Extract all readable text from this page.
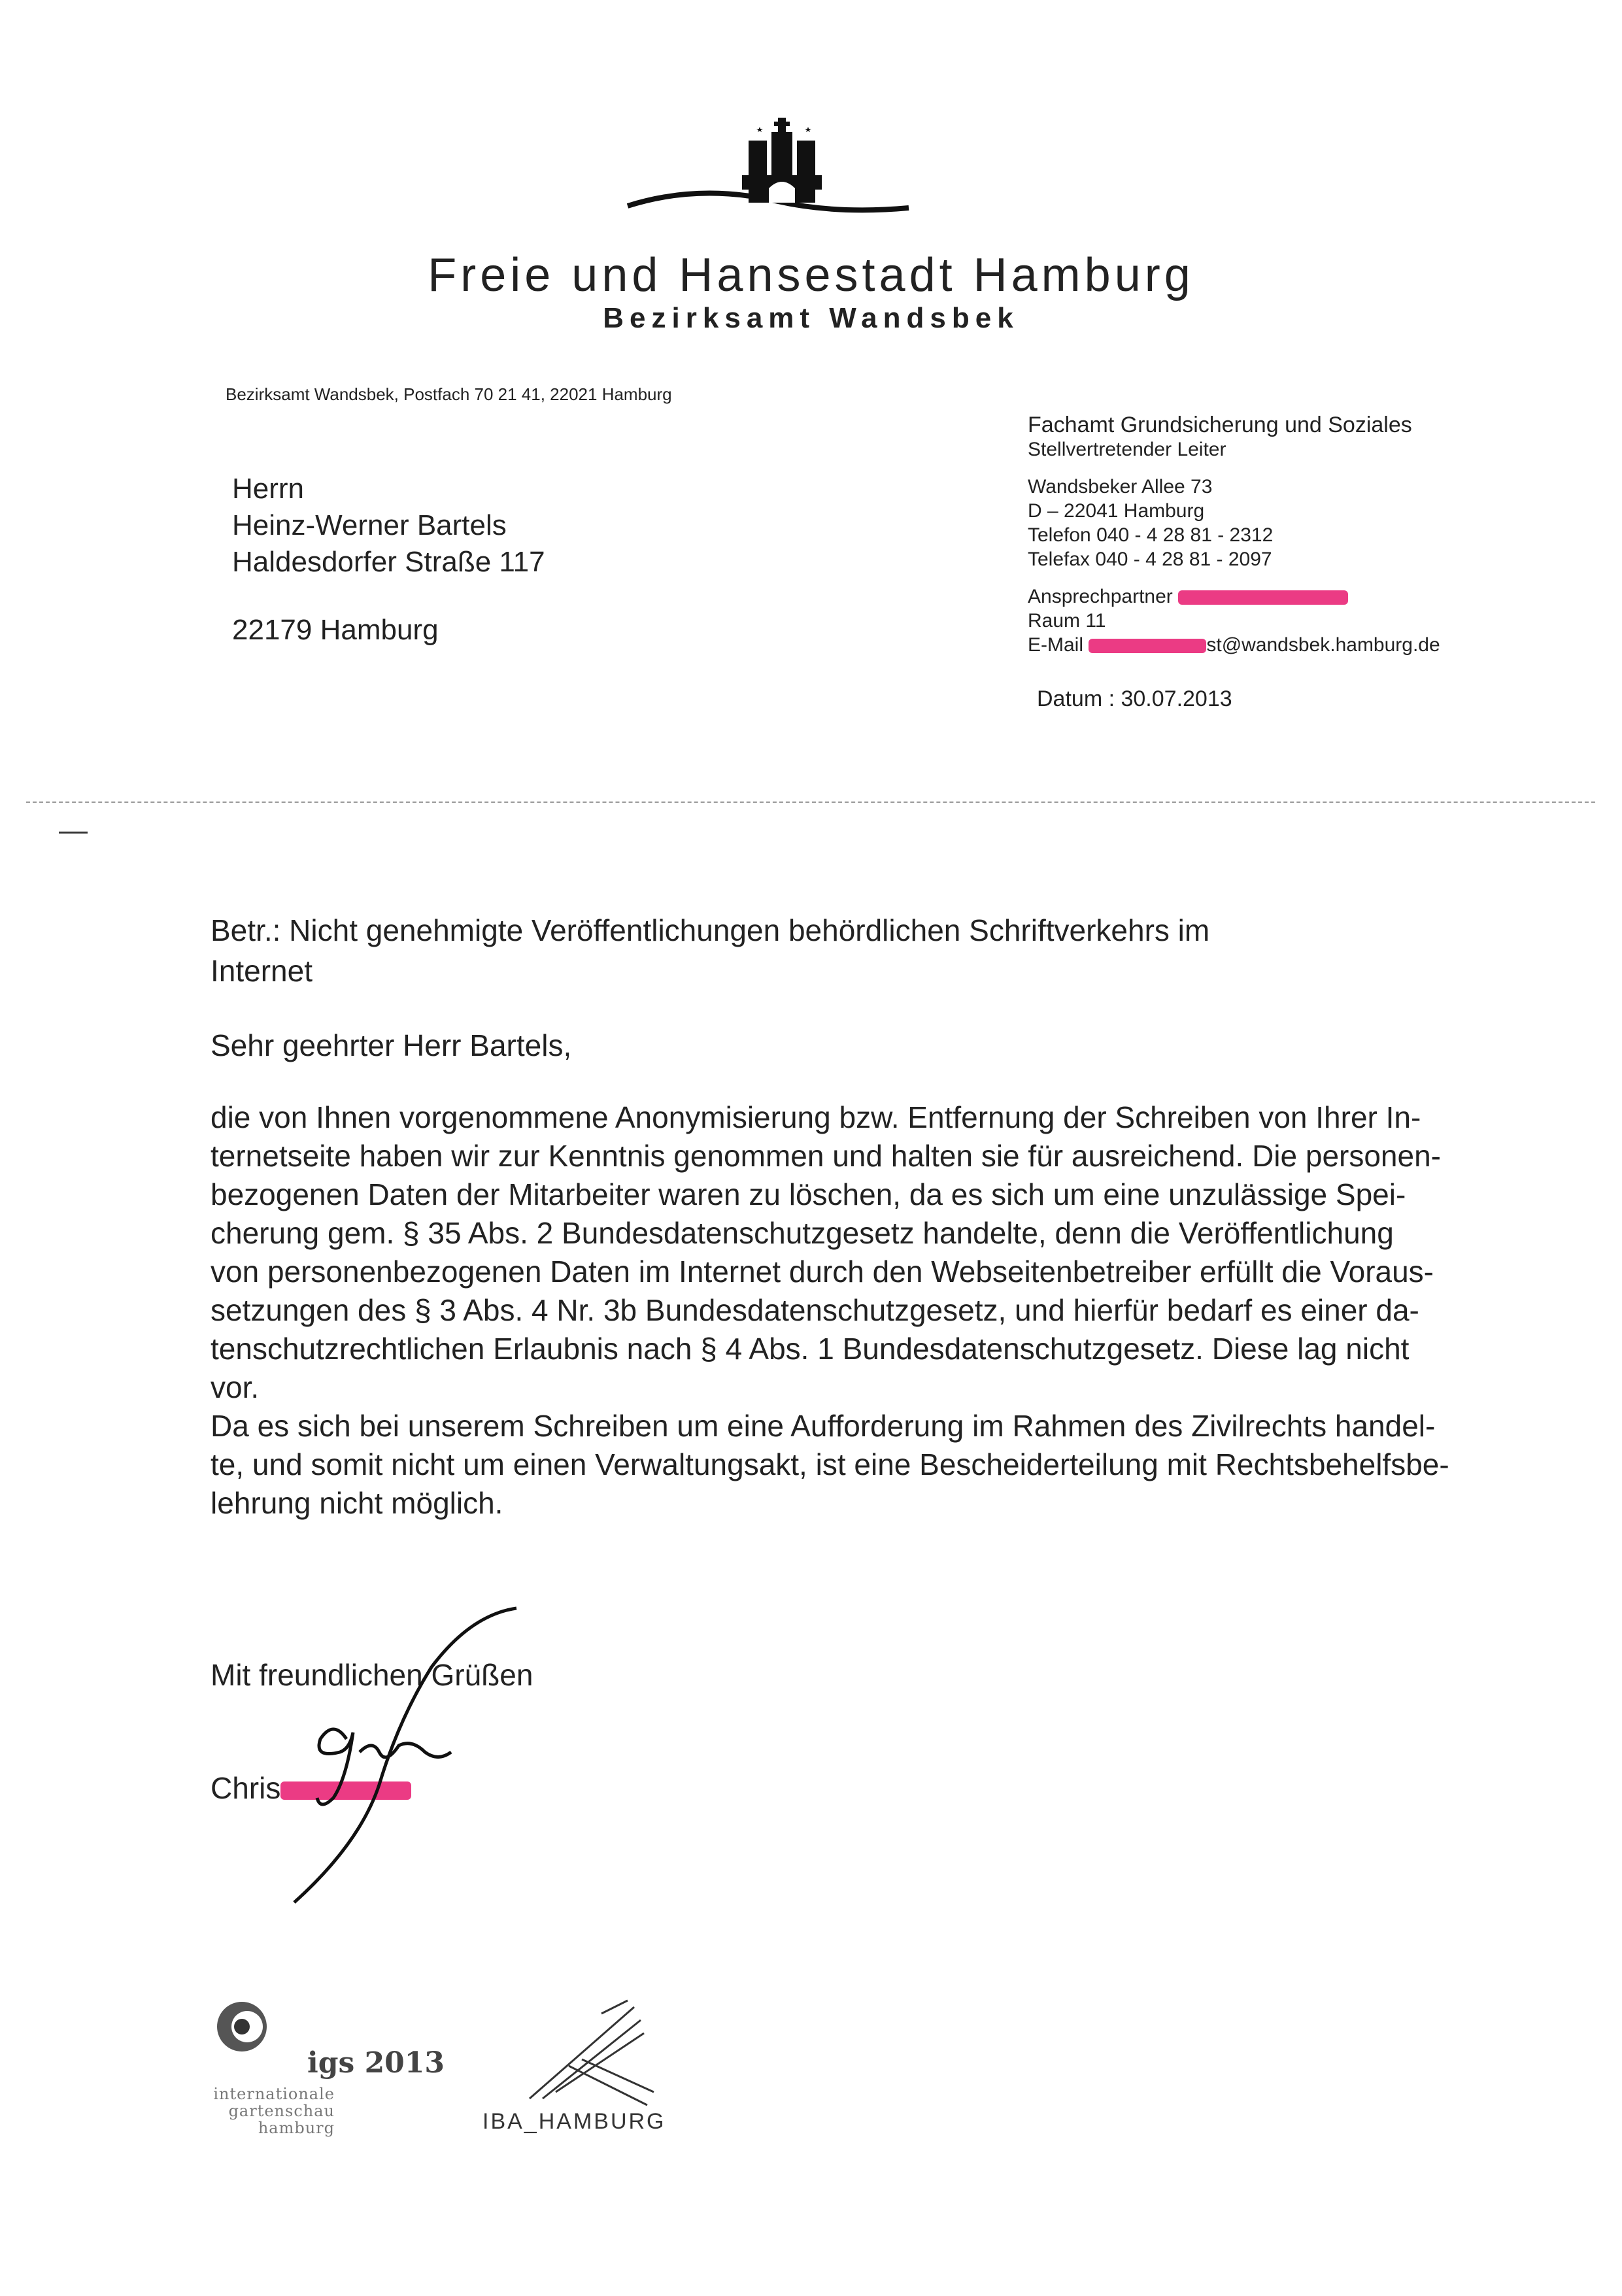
Freie und Hansestadt Hamburg
Bezirksamt Wandsbek
Bezirksamt Wandsbek, Postfach 70 21 41, 22021 Hamburg
Herrn
Heinz-Werner Bartels
Haldesdorfer Straße 117
22179 Hamburg
Fachamt Grundsicherung und Soziales
Stellvertretender Leiter
Wandsbeker Allee 73
D – 22041 Hamburg
Telefon 040 - 4 28 81 - 2312
Telefax 040 - 4 28 81 - 2097
Ansprechpartner
Raum 11
E-Mail	st@wandsbek.hamburg.de
Datum : 30.07.2013
Betr.: Nicht genehmigte Veröffentlichungen behördlichen Schriftverkehrs im
Internet
Sehr geehrter Herr Bartels,

die von Ihnen vorgenommene Anonymisierung bzw. Entfernung der Schreiben von Ihrer In-
ternetseite haben wir zur Kenntnis genommen und halten sie für ausreichend. Die personen-
bezogenen Daten der Mitarbeiter waren zu löschen, da es sich um eine unzulässige Spei-
cherung gem. § 35 Abs. 2 Bundesdatenschutzgesetz handelte, denn die Veröffentlichung
von personenbezogenen Daten im Internet durch den Webseitenbetreiber erfüllt die Voraus-
setzungen des § 3 Abs. 4 Nr. 3b Bundesdatenschutzgesetz, und hierfür bedarf es einer da-
tenschutzrechtlichen Erlaubnis nach § 4 Abs. 1 Bundesdatenschutzgesetz. Diese lag nicht
vor.

Da es sich bei unserem Schreiben um eine Aufforderung im Rahmen des Zivilrechts handel-
te, und somit nicht um einen Verwaltungsakt, ist eine Bescheiderteilung mit Rechtsbehelfsbe-
lehrung nicht möglich.

Mit freundlichen Grüßen
Chris
igs 2013
internationale
gartenschau
hamburg	IBA_HAMBURG
